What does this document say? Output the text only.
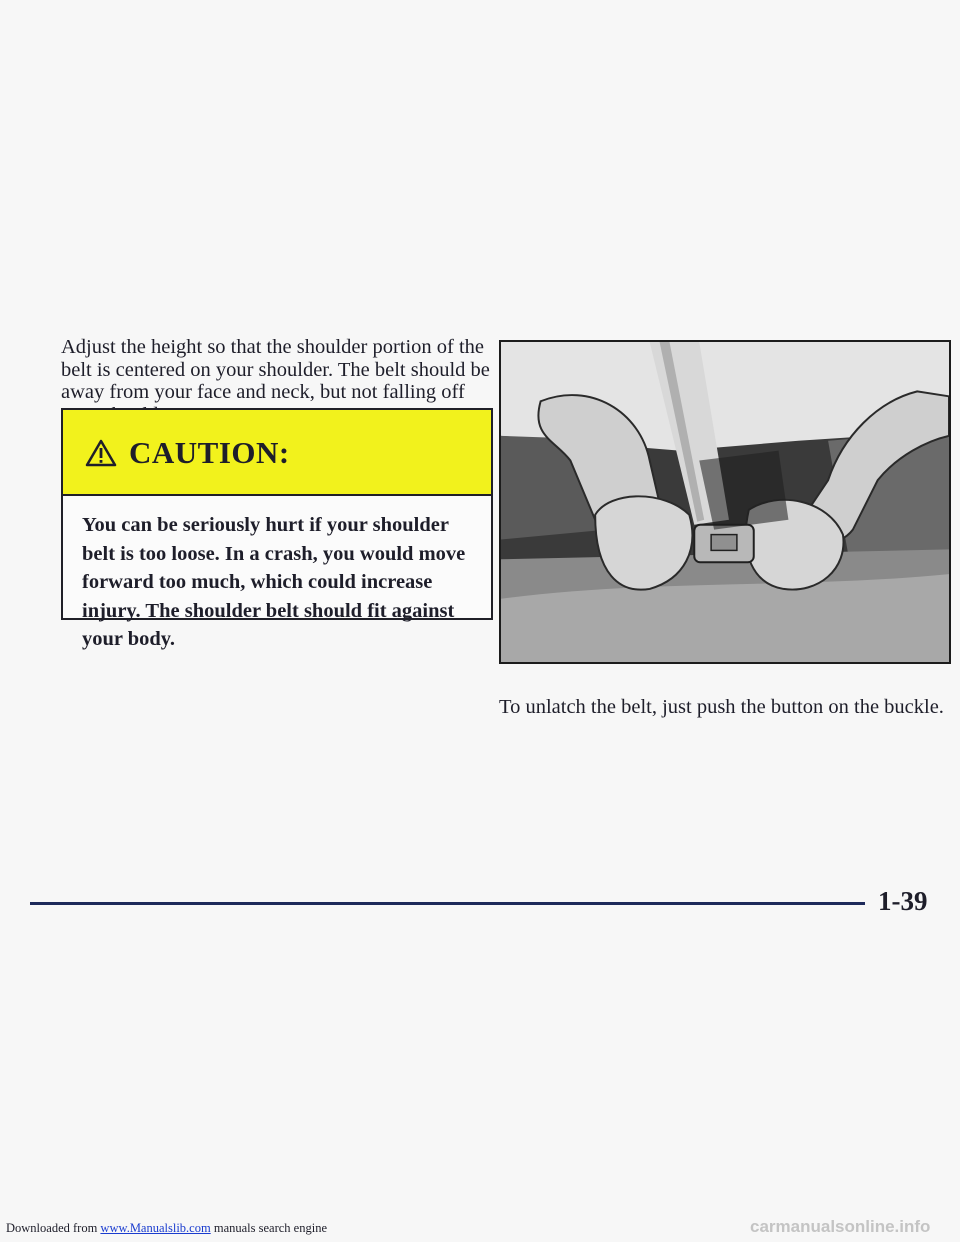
Adjust the height so that the shoulder portion of the belt is centered on your shoulder. The belt should be away from your face and neck, but not falling off

CAUTION:

You can be seriously hurt if your shoulder belt is too loose. In a crash, you would move forward too much, which could increase injury. The shoulder belt should fit against your body.

To unlatch the belt, just push the button on the buckle.

1-39
Downloaded from www.Manualslib.com manuals search engine	carmanualsonline.info
